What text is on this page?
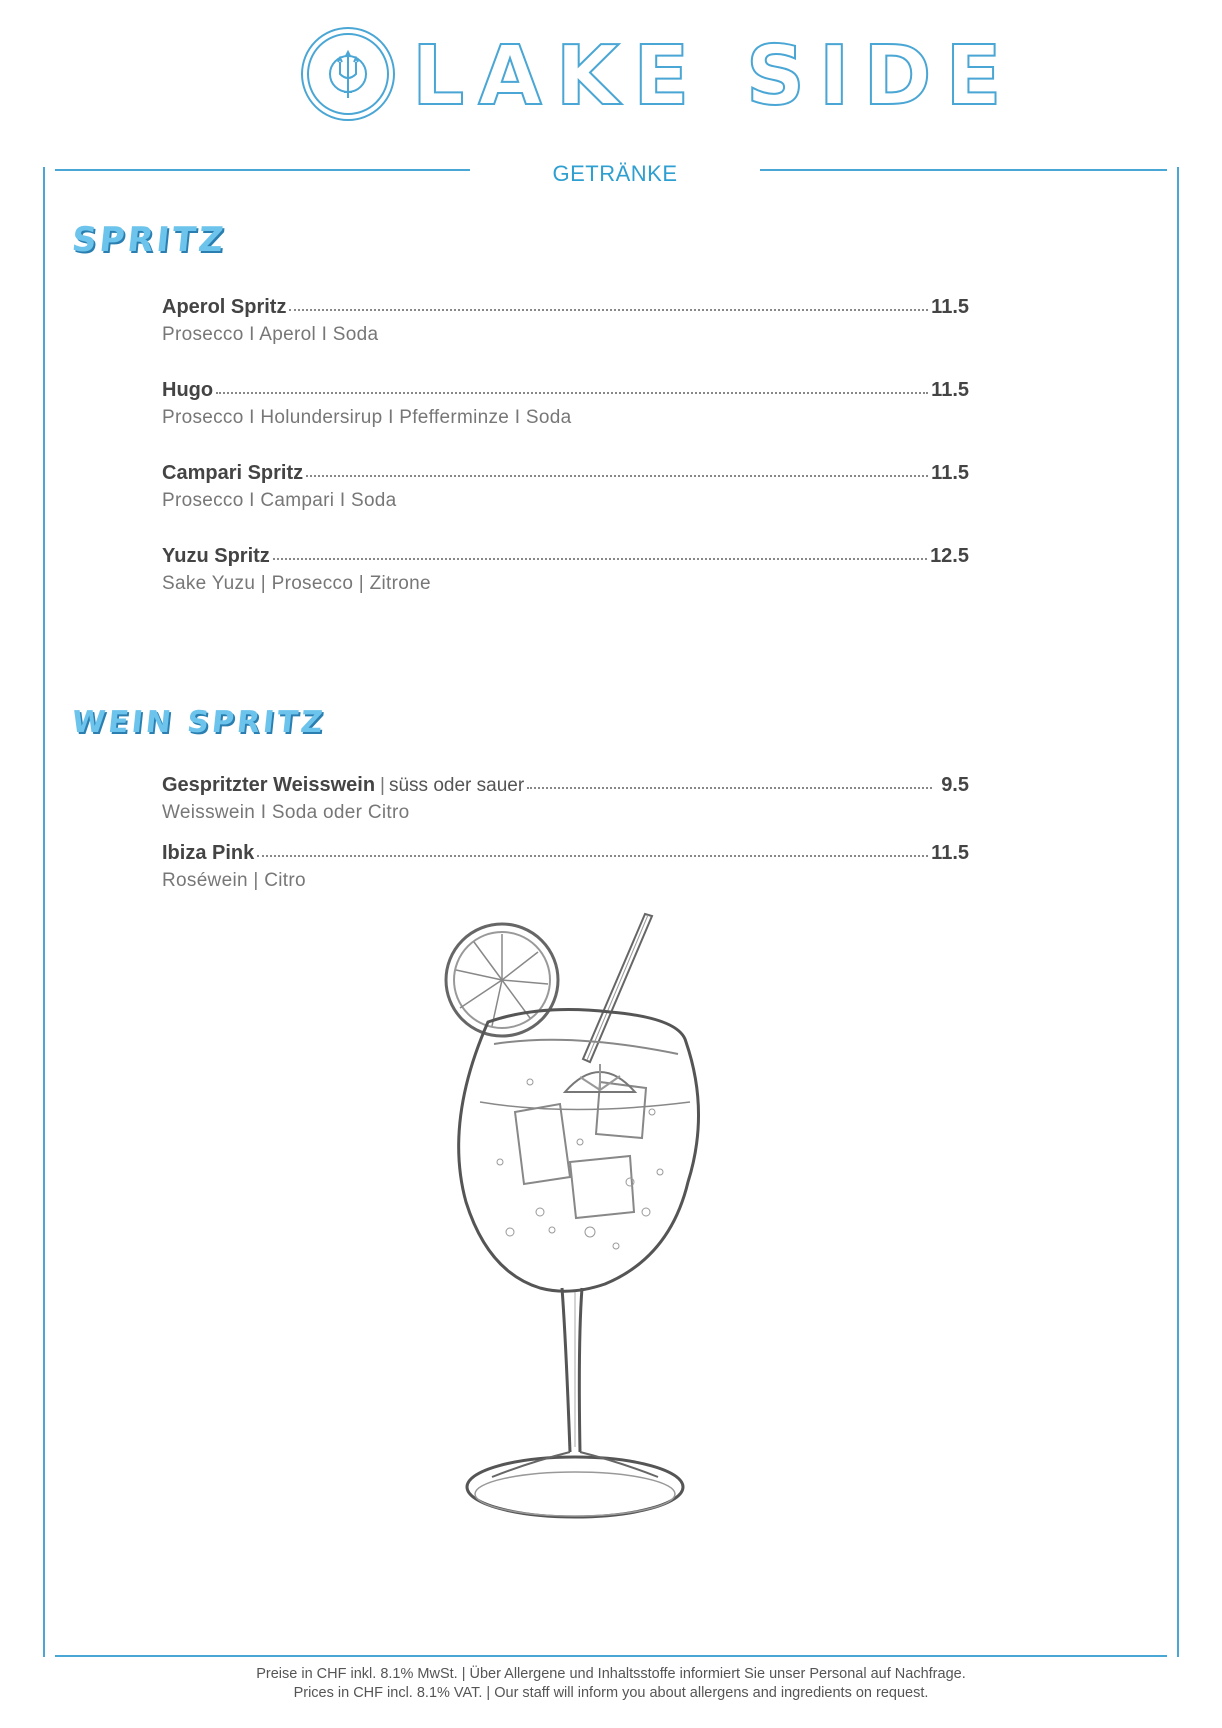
LAKE SIDE
GETRÄNKE
SPRITZ
Aperol Spritz	11.5
Prosecco I Aperol I Soda
Hugo	11.5
Prosecco I Holundersirup I Pfefferminze I Soda
Campari Spritz	11.5
Prosecco I Campari I Soda
Yuzu Spritz	12.5
Sake Yuzu | Prosecco | Zitrone
WEIN SPRITZ
Gespritzter Weisswein | süss oder sauer	9.5
Weisswein I Soda oder Citro
Ibiza Pink	11.5
Roséwein | Citro
Preise in CHF inkl. 8.1% MwSt. | Über Allergene und Inhaltsstoffe informiert Sie unser Personal auf Nachfrage.
Prices in CHF incl. 8.1% VAT. | Our staff will inform you about allergens and ingredients on request.
